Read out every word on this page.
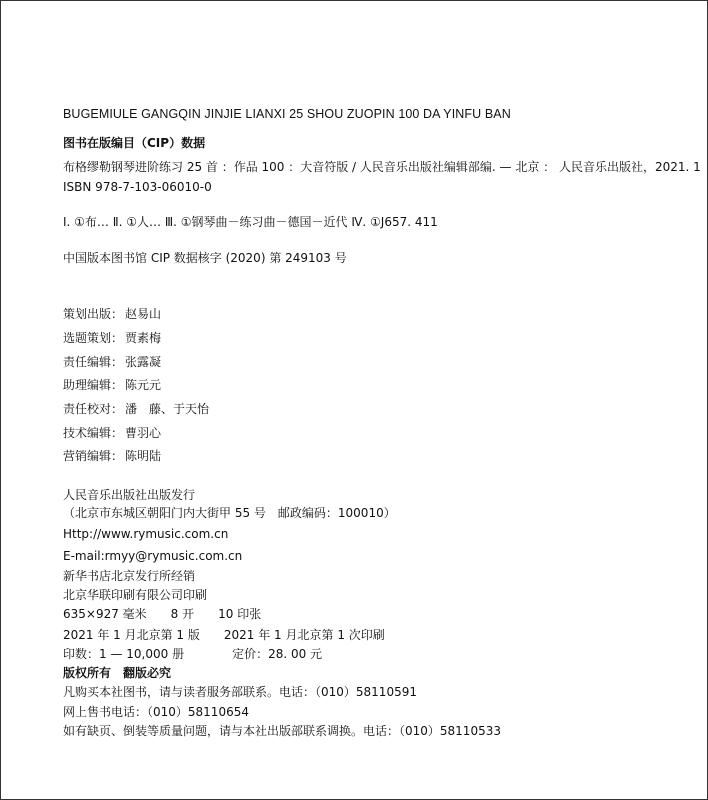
BUGEMIULE GANGQIN JINJIE LIANXI 25 SHOU ZUOPIN 100 DA YINFU BAN
图书在版编目（CIP）数据
布格缪勒钢琴进阶练习 25 首 ：作品 100 ：大音符版 / 人民音乐出版社编辑部编. — 北京 ： 人民音乐出版社，2021. 1
ISBN 978-7-103-06010-0
Ⅰ. ①布… Ⅱ. ①人… Ⅲ. ①钢琴曲－练习曲－德国－近代 Ⅳ. ①J657. 411
中国版本图书馆 CIP 数据核字 (2020) 第 249103 号
策划出版： 赵易山
选题策划： 贾素梅
责任编辑： 张露凝
助理编辑： 陈元元
责任校对： 潘　藤、于天怡
技术编辑： 曹羽心
营销编辑： 陈明陆
人民音乐出版社出版发行
（北京市东城区朝阳门内大街甲 55 号　邮政编码：100010）
Http://www.rymusic.com.cn
E-mail:rmyy@rymusic.com.cn
新华书店北京发行所经销
北京华联印刷有限公司印刷
635×927 毫米　　8 开　　10 印张
2021 年 1 月北京第 1 版　　2021 年 1 月北京第 1 次印刷
印数：1 — 10,000 册　　　　定价：28. 00 元
版权所有　翻版必究
凡购买本社图书，请与读者服务部联系。电话：（010）58110591
网上售书电话：（010）58110654
如有缺页、倒装等质量问题，请与本社出版部联系调换。电话：（010）58110533
